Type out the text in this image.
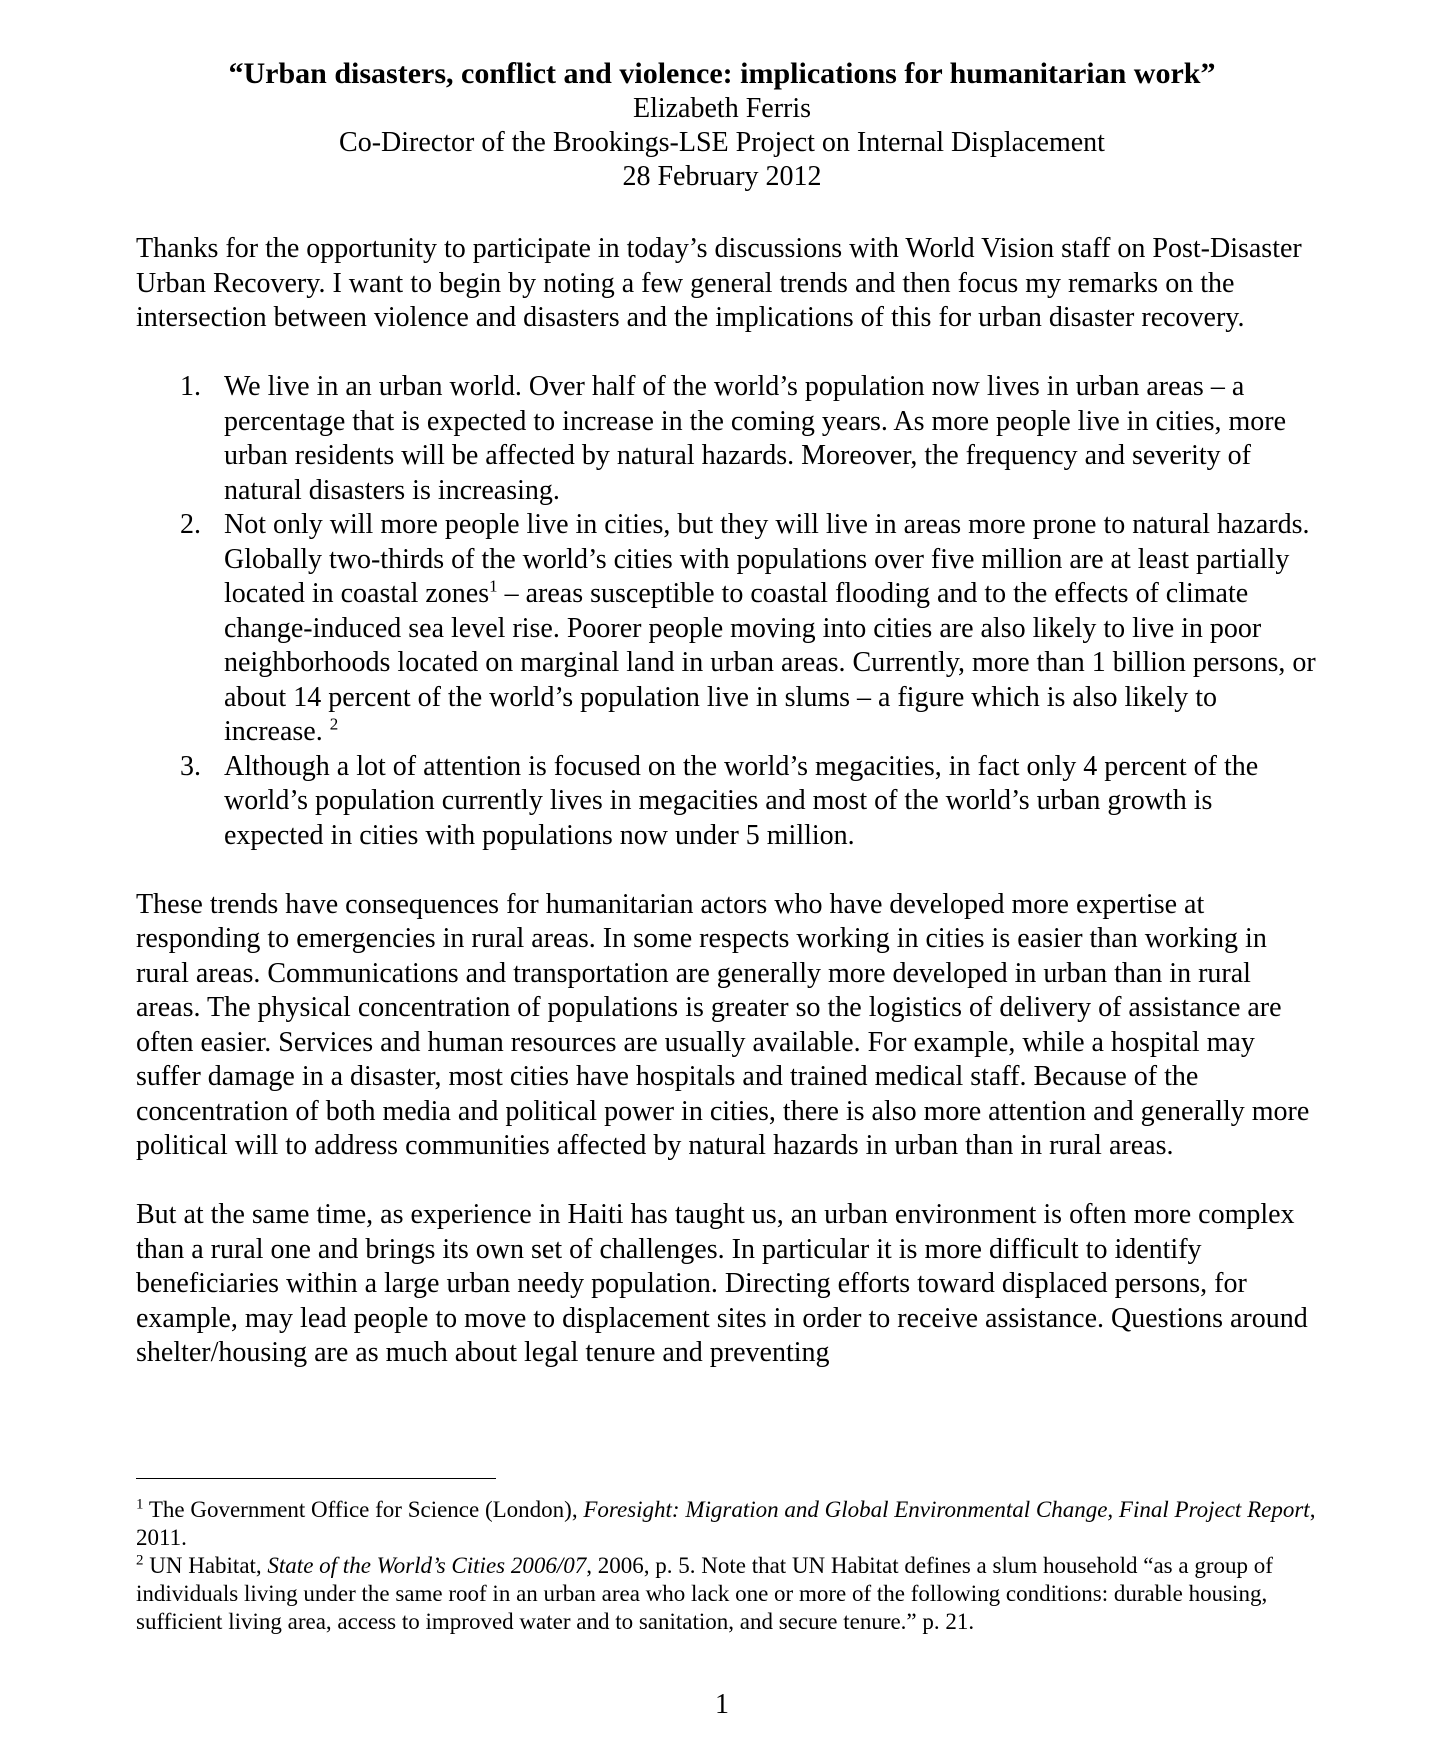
“Urban disasters, conflict and violence: implications for humanitarian work”
Elizabeth Ferris
Co-Director of the Brookings-LSE Project on Internal Displacement
28 February 2012

Thanks for the opportunity to participate in today’s discussions with World Vision staff on Post-Disaster Urban Recovery. I want to begin by noting a few general trends and then focus my remarks on the intersection between violence and disasters and the implications of this for urban disaster recovery.

1. We live in an urban world. Over half of the world’s population now lives in urban areas – a percentage that is expected to increase in the coming years. As more people live in cities, more urban residents will be affected by natural hazards. Moreover, the frequency and severity of natural disasters is increasing.
2. Not only will more people live in cities, but they will live in areas more prone to natural hazards. Globally two-thirds of the world’s cities with populations over five million are at least partially located in coastal zones$^1$ – areas susceptible to coastal flooding and to the effects of climate change-induced sea level rise. Poorer people moving into cities are also likely to live in poor neighborhoods located on marginal land in urban areas. Currently, more than 1 billion persons, or about 14 percent of the world’s population live in slums – a figure which is also likely to increase. $^2$
3. Although a lot of attention is focused on the world’s megacities, in fact only 4 percent of the world’s population currently lives in megacities and most of the world’s urban growth is expected in cities with populations now under 5 million.

These trends have consequences for humanitarian actors who have developed more expertise at responding to emergencies in rural areas. In some respects working in cities is easier than working in rural areas. Communications and transportation are generally more developed in urban than in rural areas. The physical concentration of populations is greater so the logistics of delivery of assistance are often easier. Services and human resources are usually available. For example, while a hospital may suffer damage in a disaster, most cities have hospitals and trained medical staff. Because of the concentration of both media and political power in cities, there is also more attention and generally more political will to address communities affected by natural hazards in urban than in rural areas.

But at the same time, as experience in Haiti has taught us, an urban environment is often more complex than a rural one and brings its own set of challenges. In particular it is more difficult to identify beneficiaries within a large urban needy population. Directing efforts toward displaced persons, for example, may lead people to move to displacement sites in order to receive assistance. Questions around shelter/housing are as much about legal tenure and preventing

$^1$ The Government Office for Science (London), Foresight: Migration and Global Environmental Change, Final Project Report, 2011.

$^2$ UN Habitat, State of the World’s Cities 2006/07, 2006, p. 5. Note that UN Habitat defines a slum household “as a group of individuals living under the same roof in an urban area who lack one or more of the following conditions: durable housing, sufficient living area, access to improved water and to sanitation, and secure tenure.” p. 21.

1
